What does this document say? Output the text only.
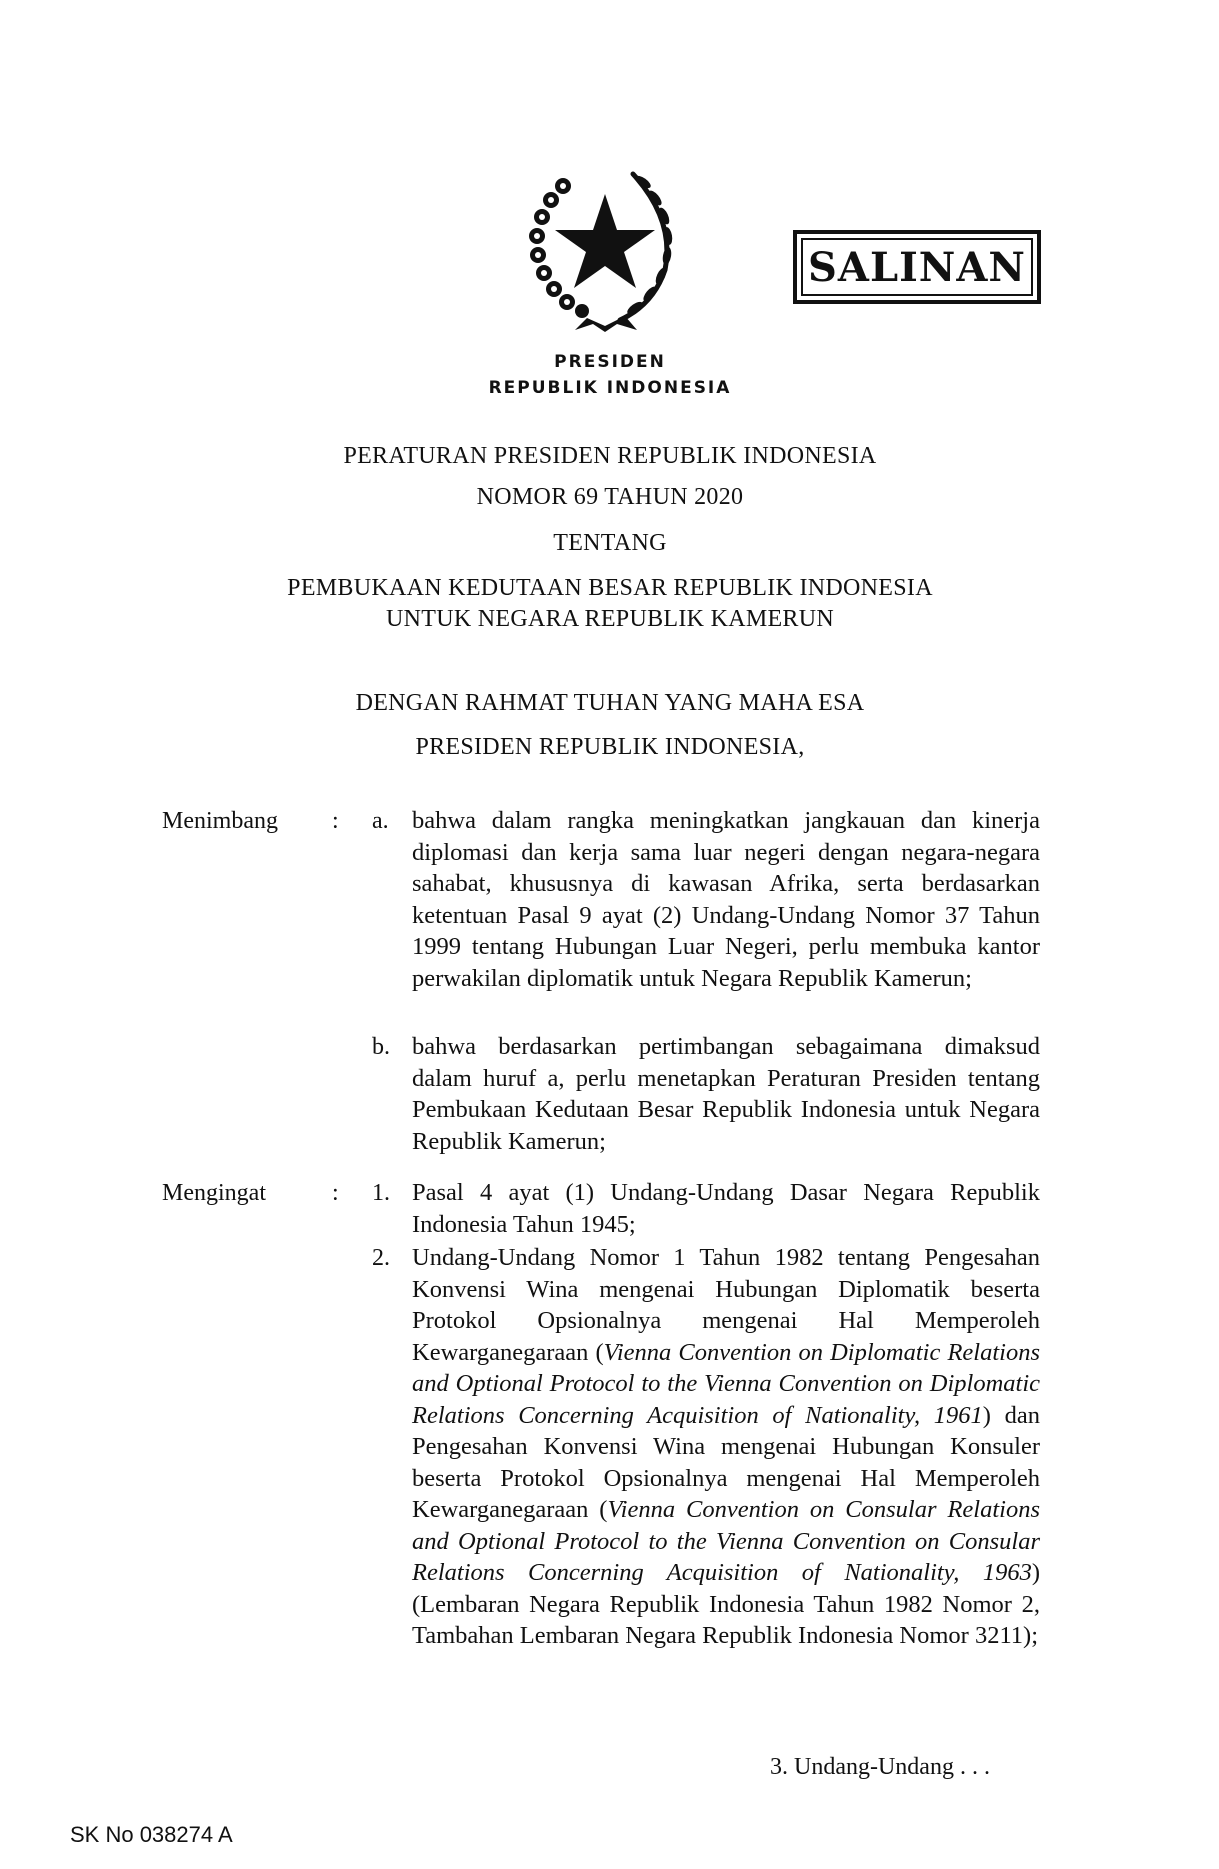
SALINAN
PRESIDEN
REPUBLIK INDONESIA
PERATURAN PRESIDEN REPUBLIK INDONESIA
NOMOR 69 TAHUN 2020
TENTANG
PEMBUKAAN KEDUTAAN BESAR REPUBLIK INDONESIA
UNTUK NEGARA REPUBLIK KAMERUN
DENGAN RAHMAT TUHAN YANG MAHA ESA
PRESIDEN REPUBLIK INDONESIA,
Menimbang : a. bahwa dalam rangka meningkatkan jangkauan dan kinerja diplomasi dan kerja sama luar negeri dengan negara-negara sahabat, khususnya di kawasan Afrika, serta berdasarkan ketentuan Pasal 9 ayat (2) Undang-Undang Nomor 37 Tahun 1999 tentang Hubungan Luar Negeri, perlu membuka kantor perwakilan diplomatik untuk Negara Republik Kamerun;

b. bahwa berdasarkan pertimbangan sebagaimana dimaksud dalam huruf a, perlu menetapkan Peraturan Presiden tentang Pembukaan Kedutaan Besar Republik Indonesia untuk Negara Republik Kamerun;

Mengingat	: 1. Pasal 4 ayat (1) Undang-Undang Dasar Negara Republik Indonesia Tahun 1945;

2. Undang-Undang Nomor 1 Tahun 1982 tentang Pengesahan Konvensi Wina mengenai Hubungan Diplomatik beserta Protokol Opsionalnya mengenai Hal Memperoleh Kewarganegaraan (Vienna Convention on Diplomatic Relations and Optional Protocol to the Vienna Convention on Diplomatic Relations Concerning Acquisition of Nationality, 1961) dan Pengesahan Konvensi Wina mengenai Hubungan Konsuler beserta Protokol Opsionalnya mengenai Hal Memperoleh Kewarganegaraan (Vienna Convention on Consular Relations and Optional Protocol to the Vienna Convention on Consular Relations Concerning Acquisition of Nationality, 1963) (Lembaran Negara Republik Indonesia Tahun 1982 Nomor 2, Tambahan Lembaran Negara Republik Indonesia Nomor 3211);

3. Undang-Undang . . .
SK No 038274 A
